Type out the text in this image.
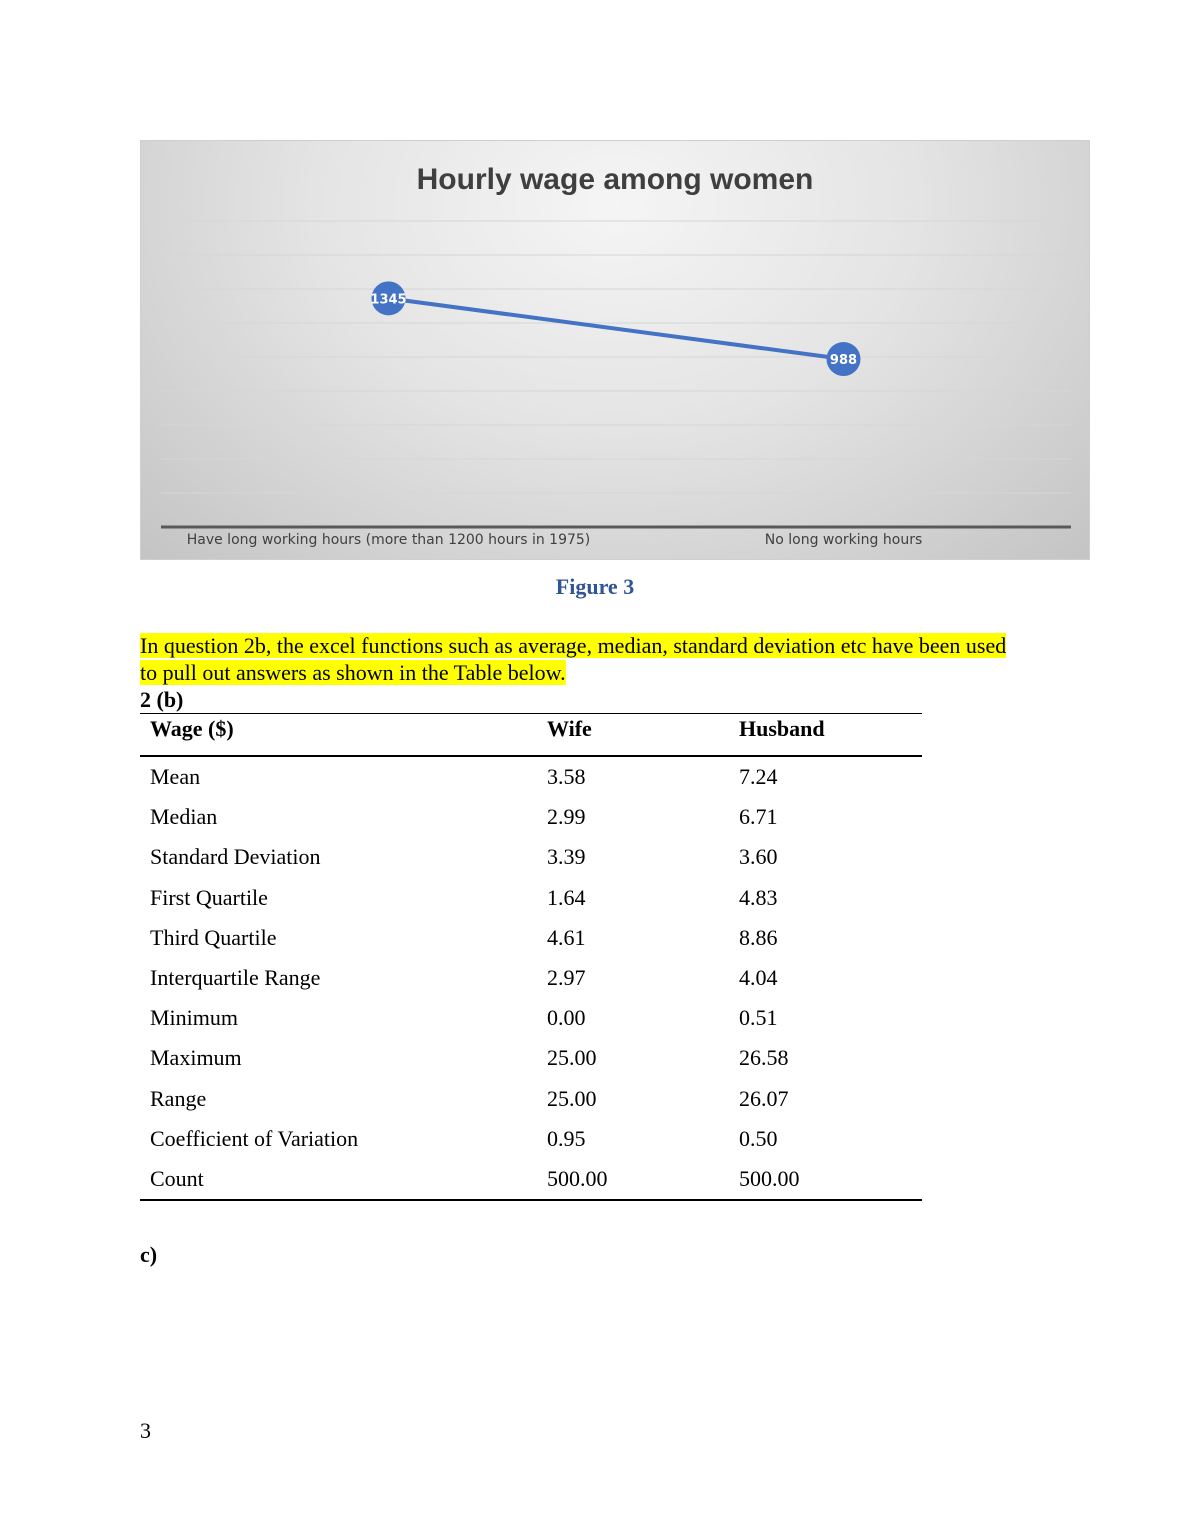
1345
988
Hourly wage among women
Have long working hours (more than 1200 hours in 1975)	No long working hours
Figure 3
In question 2b, the excel functions such as average, median, standard deviation etc have been used to pull out answers as shown in the Table below.
2 (b)
Wage ($)	Wife	Husband
Mean	3.58	7.24
Median	2.99	6.71
Standard Deviation	3.39	3.60
First Quartile	1.64	4.83
Third Quartile	4.61	8.86
Interquartile Range	2.97	4.04
Minimum	0.00	0.51
Maximum	25.00	26.58
Range	25.00	26.07
Coefficient of Variation	0.95	0.50
Count	500.00	500.00
c)
3
